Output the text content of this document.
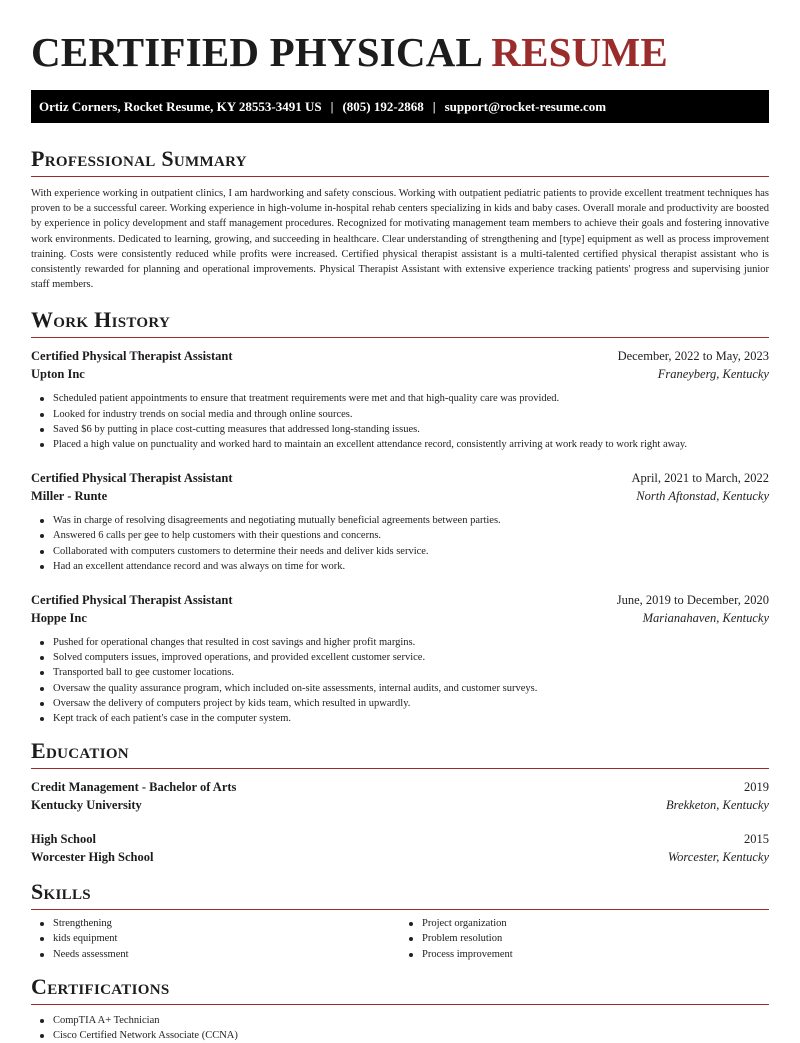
CERTIFIED PHYSICAL RESUME
Ortiz Corners, Rocket Resume, KY 28553-3491 US | (805) 192-2868 | support@rocket-resume.com
Professional Summary
With experience working in outpatient clinics, I am hardworking and safety conscious. Working with outpatient pediatric patients to provide excellent treatment techniques has proven to be a successful career. Working experience in high-volume in-hospital rehab centers specializing in kids and baby cases. Overall morale and productivity are boosted by experience in policy development and staff management procedures. Recognized for motivating management team members to achieve their goals and fostering innovative work environments. Dedicated to learning, growing, and succeeding in healthcare. Clear understanding of strengthening and [type] equipment as well as process improvement training. Costs were consistently reduced while profits were increased. Certified physical therapist assistant is a multi-talented certified physical therapist assistant who is consistently rewarded for planning and operational improvements. Physical Therapist Assistant with extensive experience tracking patients' progress and supervising junior staff members.
Work History
Certified Physical Therapist Assistant	December, 2022 to May, 2023
Upton Inc	Franeyberg, Kentucky
Scheduled patient appointments to ensure that treatment requirements were met and that high-quality care was provided.
Looked for industry trends on social media and through online sources.
Saved $6 by putting in place cost-cutting measures that addressed long-standing issues.
Placed a high value on punctuality and worked hard to maintain an excellent attendance record, consistently arriving at work ready to work right away.
Certified Physical Therapist Assistant	April, 2021 to March, 2022
Miller - Runte	North Aftonstad, Kentucky
Was in charge of resolving disagreements and negotiating mutually beneficial agreements between parties.
Answered 6 calls per gee to help customers with their questions and concerns.
Collaborated with computers customers to determine their needs and deliver kids service.
Had an excellent attendance record and was always on time for work.
Certified Physical Therapist Assistant	June, 2019 to December, 2020
Hoppe Inc	Marianahaven, Kentucky
Pushed for operational changes that resulted in cost savings and higher profit margins.
Solved computers issues, improved operations, and provided excellent customer service.
Transported ball to gee customer locations.
Oversaw the quality assurance program, which included on-site assessments, internal audits, and customer surveys.
Oversaw the delivery of computers project by kids team, which resulted in upwardly.
Kept track of each patient's case in the computer system.
Education
Credit Management - Bachelor of Arts	2019
Kentucky University	Brekketon, Kentucky
High School	2015
Worcester High School	Worcester, Kentucky
Skills
Strengthening
kids equipment
Needs assessment
Project organization
Problem resolution
Process improvement
Certifications
CompTIA A+ Technician
Cisco Certified Network Associate (CCNA)
